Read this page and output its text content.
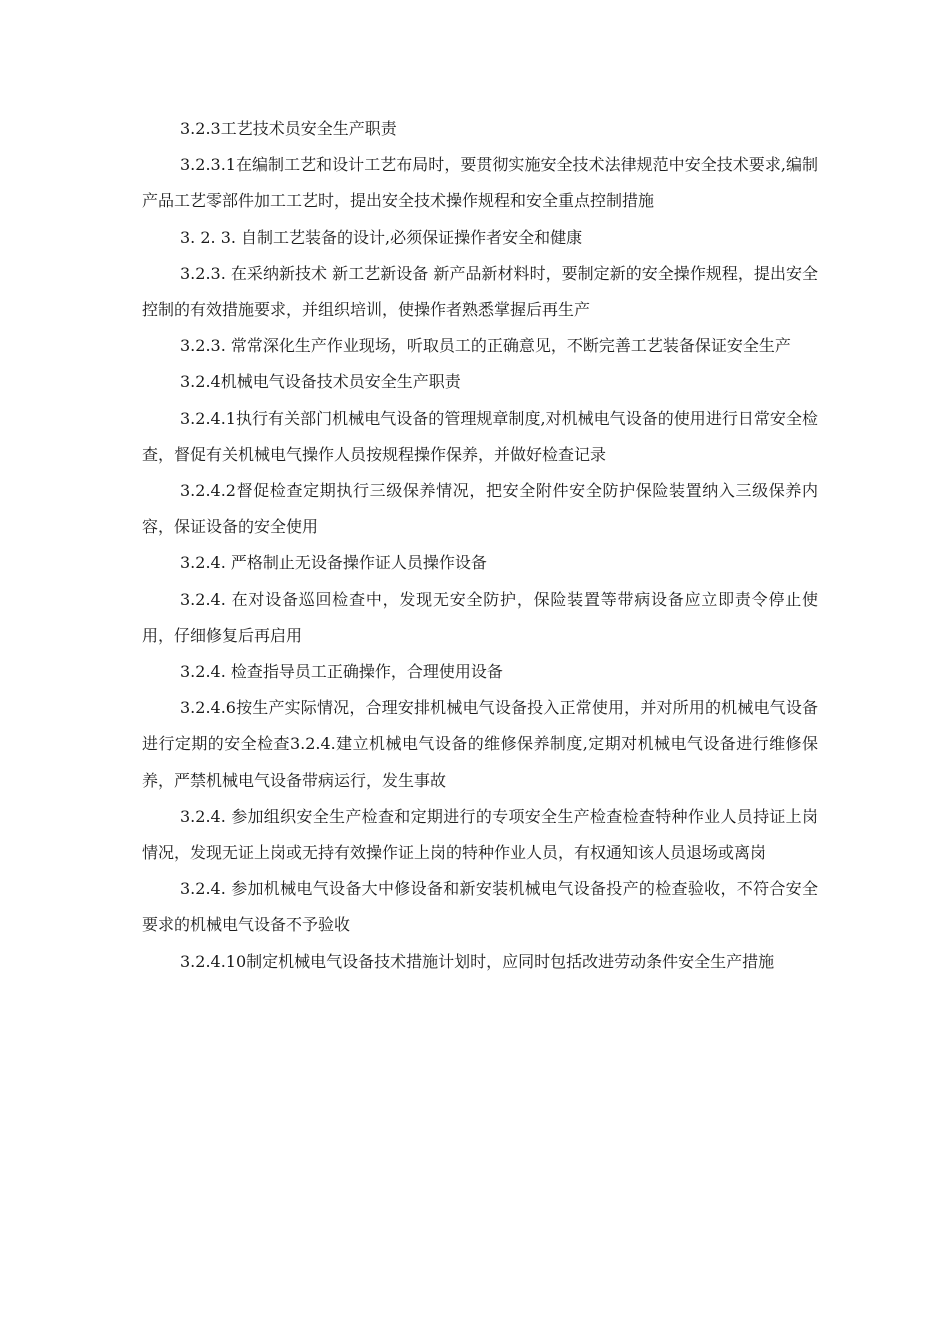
3.2.3工艺技术员安全生产职责

3.2.3.1在编制工艺和设计工艺布局时，要贯彻实施安全技术法律规范中安全技术要求,编制产品工艺零部件加工工艺时，提出安全技术操作规程和安全重点控制措施

3. 2. 3. 自制工艺装备的设计,必须保证操作者安全和健康

3.2.3. 在采纳新技术 新工艺新设备 新产品新材料时，要制定新的安全操作规程，提出安全控制的有效措施要求，并组织培训，使操作者熟悉掌握后再生产

3.2.3. 常常深化生产作业现场，听取员工的正确意见，不断完善工艺装备保证安全生产

3.2.4机械电气设备技术员安全生产职责

3.2.4.1执行有关部门机械电气设备的管理规章制度,对机械电气设备的使用进行日常安全检查，督促有关机械电气操作人员按规程操作保养，并做好检查记录

3.2.4.2督促检查定期执行三级保养情况，把安全附件安全防护保险装置纳入三级保养内容，保证设备的安全使用

3.2.4. 严格制止无设备操作证人员操作设备

3.2.4. 在对设备巡回检查中，发现无安全防护，保险装置等带病设备应立即责令停止使用，仔细修复后再启用

3.2.4. 检查指导员工正确操作，合理使用设备

3.2.4.6按生产实际情况，合理安排机械电气设备投入正常使用，并对所用的机械电气设备进行定期的安全检查3.2.4.建立机械电气设备的维修保养制度,定期对机械电气设备进行维修保养，严禁机械电气设备带病运行，发生事故

3.2.4. 参加组织安全生产检查和定期进行的专项安全生产检查检查特种作业人员持证上岗情况，发现无证上岗或无持有效操作证上岗的特种作业人员，有权通知该人员退场或离岗

3.2.4. 参加机械电气设备大中修设备和新安装机械电气设备投产的检查验收，不符合安全要求的机械电气设备不予验收

3.2.4.10制定机械电气设备技术措施计划时，应同时包括改进劳动条件安全生产措施
